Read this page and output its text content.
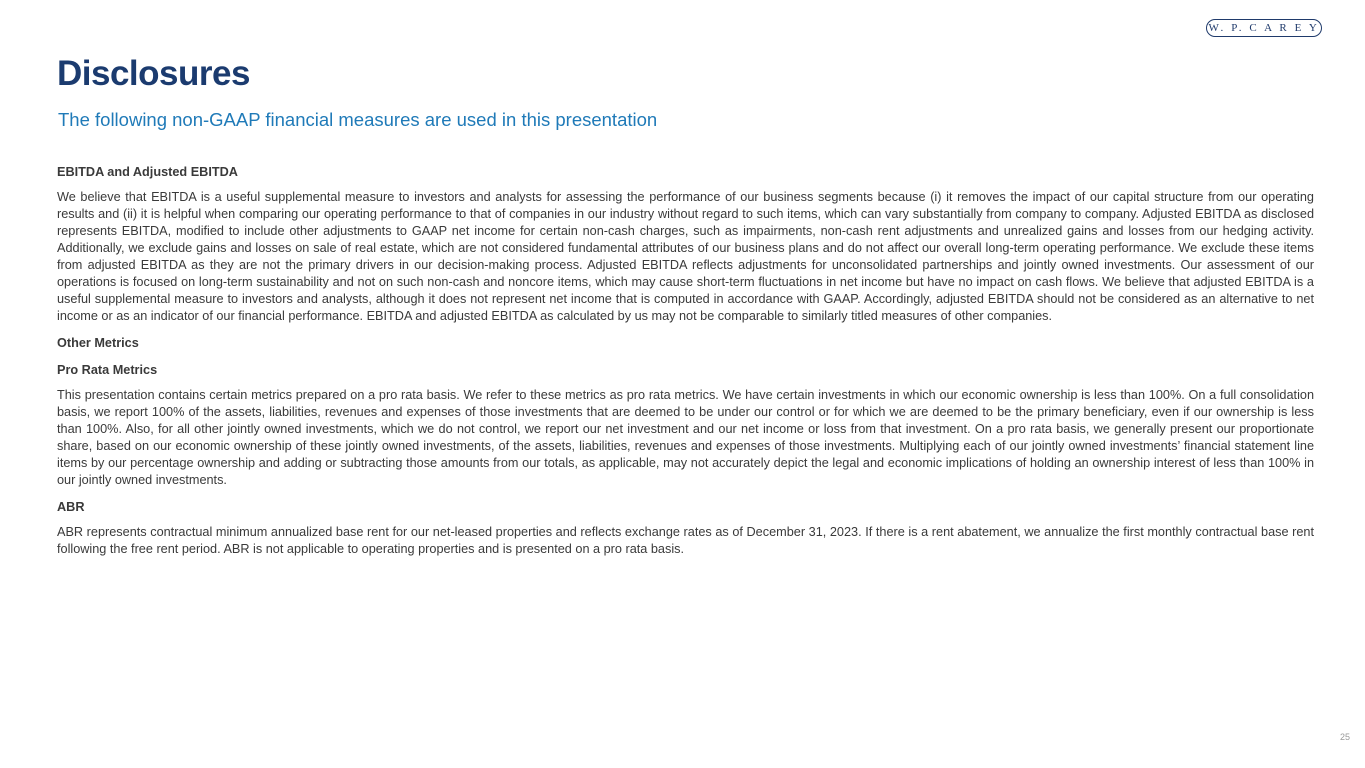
W. P. C A R E Y
Disclosures
The following non-GAAP financial measures are used in this presentation
EBITDA and Adjusted EBITDA

We believe that EBITDA is a useful supplemental measure to investors and analysts for assessing the performance of our business segments because (i) it removes the impact of our capital structure from our operating results and (ii) it is helpful when comparing our operating performance to that of companies in our industry without regard to such items, which can vary substantially from company to company. Adjusted EBITDA as disclosed represents EBITDA, modified to include other adjustments to GAAP net income for certain non-cash charges, such as impairments, non-cash rent adjustments and unrealized gains and losses from our hedging activity. Additionally, we exclude gains and losses on sale of real estate, which are not considered fundamental attributes of our business plans and do not affect our overall long-term operating performance. We exclude these items from adjusted EBITDA as they are not the primary drivers in our decision-making process. Adjusted EBITDA reflects adjustments for unconsolidated partnerships and jointly owned investments. Our assessment of our operations is focused on long-term sustainability and not on such non-cash and noncore items, which may cause short-term fluctuations in net income but have no impact on cash flows. We believe that adjusted EBITDA is a useful supplemental measure to investors and analysts, although it does not represent net income that is computed in accordance with GAAP. Accordingly, adjusted EBITDA should not be considered as an alternative to net income or as an indicator of our financial performance. EBITDA and adjusted EBITDA as calculated by us may not be comparable to similarly titled measures of other companies.

Other Metrics
Pro Rata Metrics

This presentation contains certain metrics prepared on a pro rata basis. We refer to these metrics as pro rata metrics. We have certain investments in which our economic ownership is less than 100%. On a full consolidation basis, we report 100% of the assets, liabilities, revenues and expenses of those investments that are deemed to be under our control or for which we are deemed to be the primary beneficiary, even if our ownership is less than 100%. Also, for all other jointly owned investments, which we do not control, we report our net investment and our net income or loss from that investment. On a pro rata basis, we generally present our proportionate share, based on our economic ownership of these jointly owned investments, of the assets, liabilities, revenues and expenses of those investments. Multiplying each of our jointly owned investments’ financial statement line items by our percentage ownership and adding or subtracting those amounts from our totals, as applicable, may not accurately depict the legal and economic implications of holding an ownership interest of less than 100% in our jointly owned investments.

ABR

ABR represents contractual minimum annualized base rent for our net-leased properties and reflects exchange rates as of December 31, 2023. If there is a rent abatement, we annualize the first monthly contractual base rent following the free rent period. ABR is not applicable to operating properties and is presented on a pro rata basis.

25
